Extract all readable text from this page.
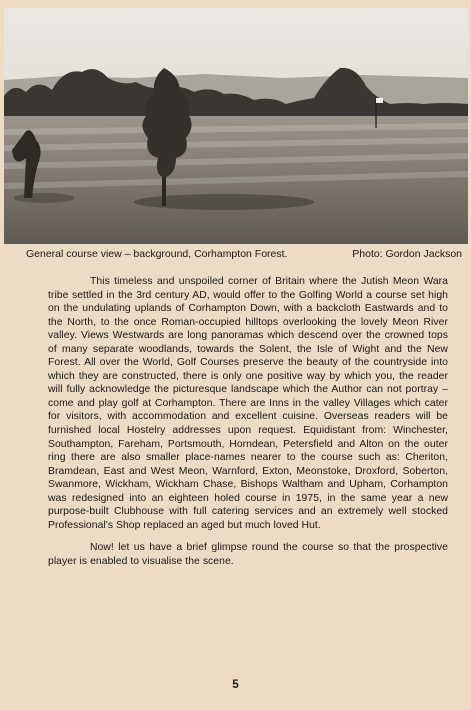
General course view – background, Corhampton Forest.	Photo: Gordon Jackson

This timeless and unspoiled corner of Britain where the Jutish Meon Wara tribe settled in the 3rd century AD, would offer to the Golfing World a course set high on the undulating uplands of Corhampton Down, with a backcloth Eastwards and to the North, to the once Roman-occupied hilltops overlooking the lovely Meon River valley. Views Westwards are long panoramas which descend over the crowned tops of many separate woodlands, towards the Solent, the Isle of Wight and the New Forest. All over the World, Golf Courses preserve the beauty of the countryside into which they are constructed, there is only one positive way by which you, the reader will fully acknowledge the picturesque landscape which the Author can not portray – come and play golf at Corhampton. There are Inns in the valley Villages which cater for visitors, with accommodation and excellent cuisine. Overseas readers will be furnished local Hostelry addresses upon request. Equidistant from: Winchester, Southampton, Fareham, Portsmouth, Horndean, Petersfield and Alton on the outer ring there are also smaller place-names nearer to the course such as: Cheriton, Bramdean, East and West Meon, Warnford, Exton, Meonstoke, Droxford, Soberton, Swanmore, Wickham, Wickham Chase, Bishops Waltham and Upham, Corhampton was redesigned into an eighteen holed course in 1975, in the same year a new purpose-built Clubhouse with full catering services and an extremely well stocked Professional's Shop replaced an aged but much loved Hut.

Now! let us have a brief glimpse round the course so that the prospective player is enabled to visualise the scene.

5
